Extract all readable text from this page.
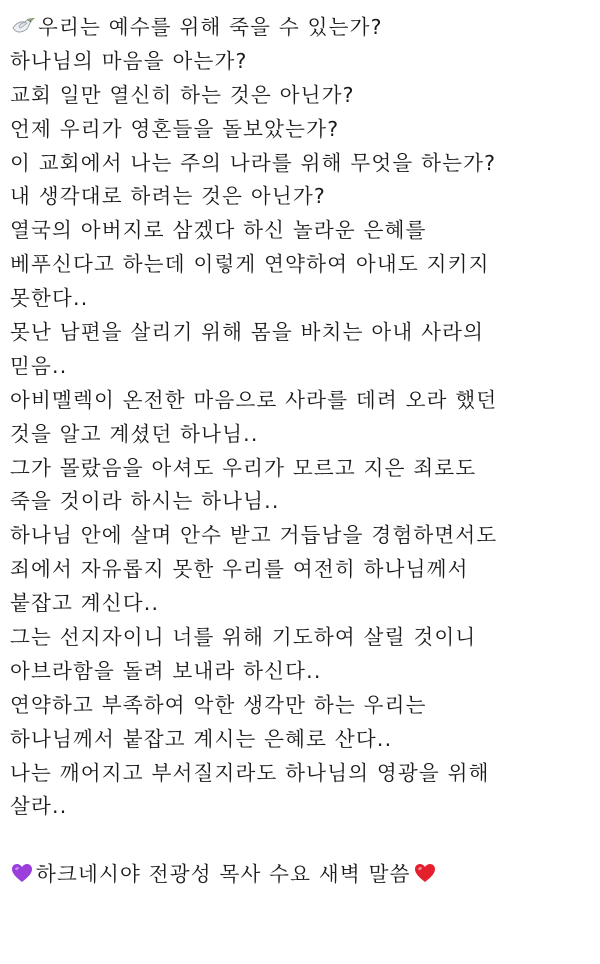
우리는 예수를 위해 죽을 수 있는가?
하나님의 마음을 아는가?
교회 일만 열신히 하는 것은 아닌가?
언제 우리가 영혼들을 돌보았는가?
이 교회에서 나는 주의 나라를 위해 무엇을 하는가?
내 생각대로 하려는 것은 아닌가?
열국의 아버지로 삼겠다 하신 놀라운 은혜를
베푸신다고 하는데 이렇게 연약하여 아내도 지키지
못한다..
못난 남편을 살리기 위해 몸을 바치는 아내 사라의
믿음..
아비멜렉이 온전한 마음으로 사라를 데려 오라 했던
것을 알고 계셨던 하나님..
그가 몰랐음을 아셔도 우리가 모르고 지은 죄로도
죽을 것이라 하시는 하나님..
하나님 안에 살며 안수 받고 거듭남을 경험하면서도
죄에서 자유롭지 못한 우리를 여전히 하나님께서
붙잡고 계신다..
그는 선지자이니 너를 위해 기도하여 살릴 것이니
아브라함을 돌려 보내라 하신다..
연약하고 부족하여 악한 생각만 하는 우리는
하나님께서 붙잡고 계시는 은혜로 산다..
나는 깨어지고 부서질지라도 하나님의 영광을 위해
살라..
하크네시야 전광성 목사 수요 새벽 말씀
